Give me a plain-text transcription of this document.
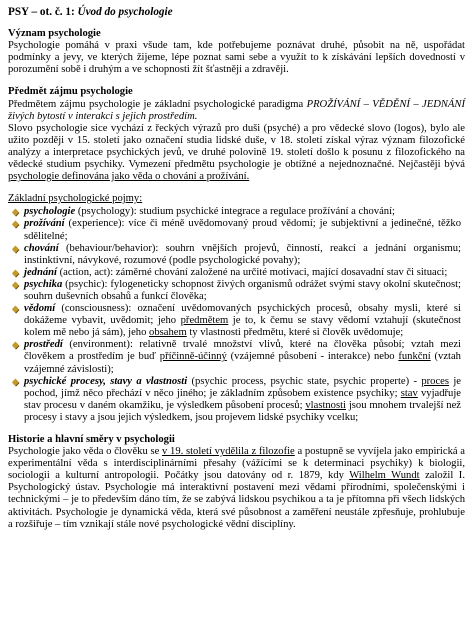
PSY – ot. č. 1: Úvod do psychologie

Význam psychologie

Psychologie pomáhá v praxi všude tam, kde potřebujeme poznávat druhé, působit na ně, uspořádat podmínky a jevy, ve kterých žijeme, lépe poznat sami sebe a využít to k získávání lepších dovedností v porozumění sobě i druhým a ve schopnosti žít šťastněji a zdravěji.

Předmět zájmu psychologie

Předmětem zájmu psychologie je základní psychologické paradigma PROŽÍVÁNÍ – VĚDĚNÍ – JEDNÁNÍ živých bytostí v interakci s jejich prostředím.

Slovo psychologie sice vychází z řeckých výrazů pro duši (psyché) a pro vědecké slovo (logos), bylo ale užito později v 15. století jako označení studia lidské duše, v 18. století získal výraz význam filozofické analýzy a interpretace psychických jevů, ve druhé polovině 19. století došlo k posunu z filozofického na vědecké studium psychiky. Vymezení předmětu psychologie je obtížné a nejednoznačné. Nejčastěji bývá psychologie definována jako věda o chování a prožívání.

Základní psychologické pojmy:

psychologie (psychology): studium psychické integrace a regulace prožívání a chování;
prožívání (experience): více či méně uvědomovaný proud vědomí; je subjektivní a jedinečné, těžko sdělitelné;
chování (behaviour/behavior): souhrn vnějších projevů, činností, reakcí a jednání organismu; instinktivní, návykové, rozumové (podle psychologické povahy);
jednání (action, act): záměrné chování založené na určité motivaci, mající dosavadní stav či situaci;
psychika (psychic): fylogeneticky schopnost živých organismů odrážet svými stavy okolní skutečnost; souhrn duševních obsahů a funkcí člověka;
vědomí (consciousness): označení uvědomovaných psychických procesů, obsahy mysli, které si dokážeme vybavit, uvědomit; jeho předmětem je to, k čemu se stavy vědomí vztahují (skutečnost kolem mě nebo já sám), jeho obsahem ty vlastnosti předmětu, které si člověk uvědomuje;
prostředí (environment): relativně trvalé množství vlivů, které na člověka působí; vztah mezi člověkem a prostředím je buď příčinně-účinný (vzájemné působení - interakce) nebo funkční (vztah vzájemné závislosti);
psychické procesy, stavy a vlastnosti (psychic process, psychic state, psychic properte) - proces je pochod, jímž něco přechází v něco jiného; je základním způsobem existence psychiky; stav vyjadřuje stav procesu v daném okamžiku, je výsledkem působení procesů; vlastnosti jsou mnohem trvalejší než procesy i stavy a jsou jejich výsledkem, jsou projevem lidské psychiky vcelku;

Historie a hlavní směry v psychologii

Psychologie jako věda o člověku se v 19. století vydělila z filozofie a postupně se vyvíjela jako empirická a experimentální věda s interdisciplinárními přesahy (vážícími se k determinaci psychiky) k biologii, sociologii a kulturní antropologii. Počátky jsou datovány od r. 1879, kdy Wilhelm Wundt založil I. Psychologický ústav. Psychologie má interaktivní postavení mezi vědami přírodními, společenskými i technickými – je to především dáno tím, že se zabývá lidskou psychikou a ta je přítomna při všech lidských aktivitách. Psychologie je dynamická věda, která své působnost a zaměření neustále zpřesňuje, prohlubuje a rozšiřuje – tím vznikají stále nové psychologické vědní disciplíny.
